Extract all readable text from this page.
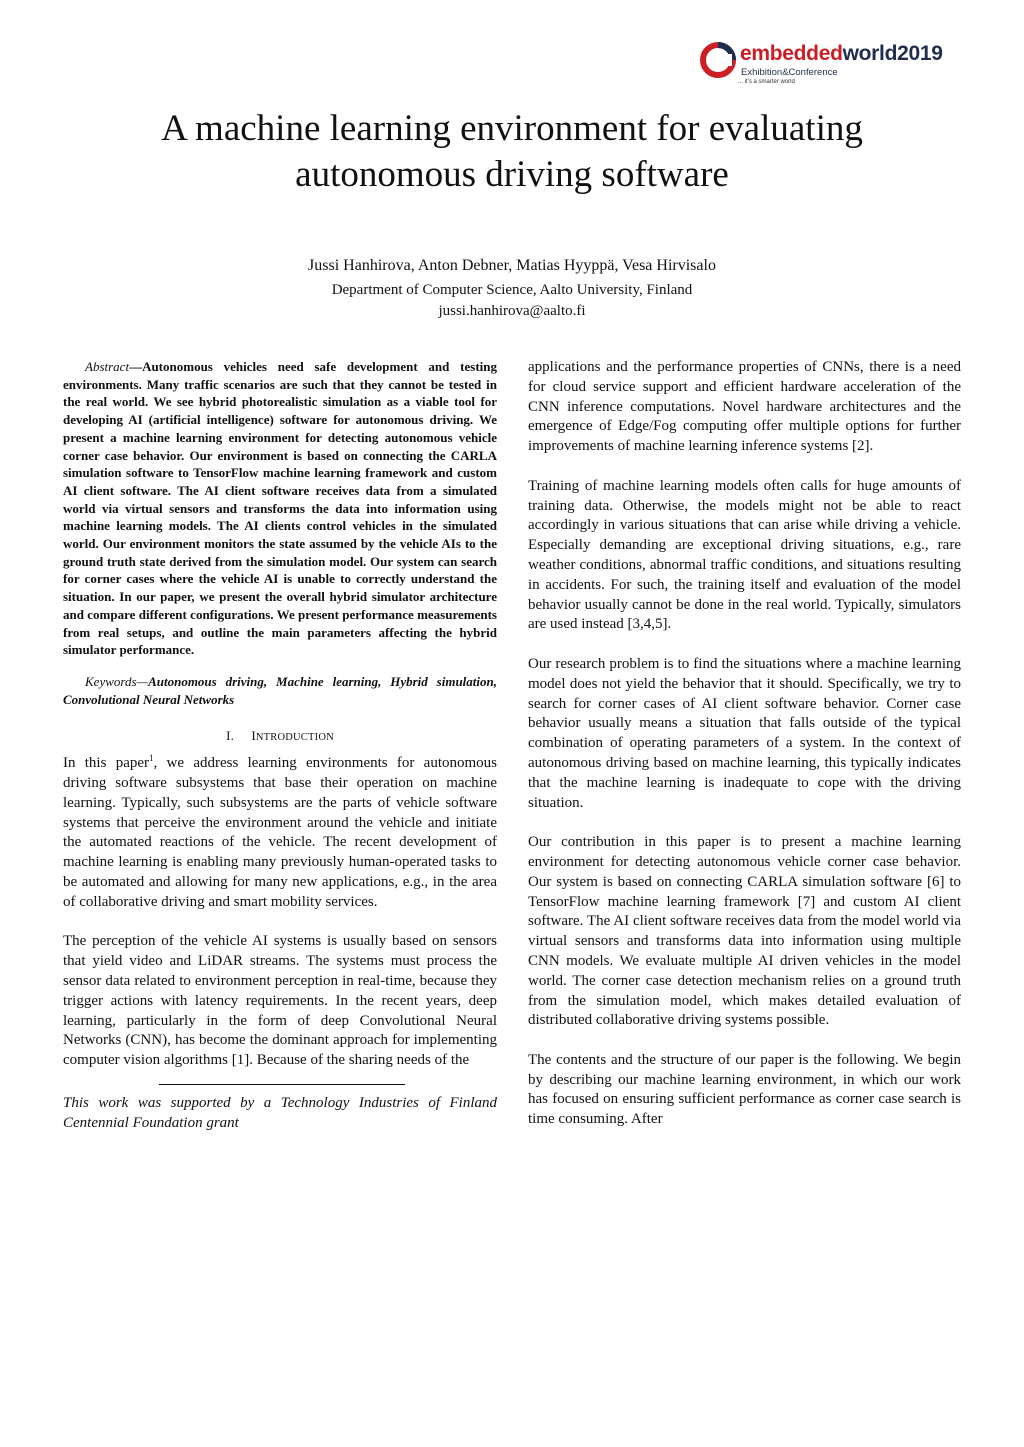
embeddedworld2019
Exhibition&Conference
... it's a smarter world
A machine learning environment for evaluating autonomous driving software
Jussi Hanhirova, Anton Debner, Matias Hyyppä, Vesa Hirvisalo
Department of Computer Science, Aalto University, Finland
jussi.hanhirova@aalto.fi

Abstract—Autonomous vehicles need safe development and testing environments. Many traffic scenarios are such that they cannot be tested in the real world. We see hybrid photorealistic simulation as a viable tool for developing AI (artificial intelligence) software for autonomous driving. We present a machine learning environment for detecting autonomous vehicle corner case behavior. Our environment is based on connecting the CARLA simulation software to TensorFlow machine learning framework and custom AI client software. The AI client software receives data from a simulated world via virtual sensors and transforms the data into information using machine learning models. The AI clients control vehicles in the simulated world. Our environment monitors the state assumed by the vehicle AIs to the ground truth state derived from the simulation model. Our system can search for corner cases where the vehicle AI is unable to correctly understand the situation. In our paper, we present the overall hybrid simulator architecture and compare different configurations. We present performance measurements from real setups, and outline the main parameters affecting the hybrid simulator performance.

Keywords—Autonomous driving, Machine learning, Hybrid simulation, Convolutional Neural Networks

I. INTRODUCTION

In this paper$^1$, we address learning environments for autonomous driving software subsystems that base their operation on machine learning. Typically, such subsystems are the parts of vehicle software systems that perceive the environment around the vehicle and initiate the automated reactions of the vehicle. The recent development of machine learning is enabling many previously human-operated tasks to be automated and allowing for many new applications, e.g., in the area of collaborative driving and smart mobility services.

The perception of the vehicle AI systems is usually based on sensors that yield video and LiDAR streams. The systems must process the sensor data related to environment perception in real-time, because they trigger actions with latency requirements. In the recent years, deep learning, particularly in the form of deep Convolutional Neural Networks (CNN), has become the dominant approach for implementing computer vision algorithms [1]. Because of the sharing needs of the

This work was supported by a Technology Industries of Finland Centennial Foundation grant

applications and the performance properties of CNNs, there is a need for cloud service support and efficient hardware acceleration of the CNN inference computations. Novel hardware architectures and the emergence of Edge/Fog computing offer multiple options for further improvements of machine learning inference systems [2].

Training of machine learning models often calls for huge amounts of training data. Otherwise, the models might not be able to react accordingly in various situations that can arise while driving a vehicle. Especially demanding are exceptional driving situations, e.g., rare weather conditions, abnormal traffic conditions, and situations resulting in accidents. For such, the training itself and evaluation of the model behavior usually cannot be done in the real world. Typically, simulators are used instead [3,4,5].

Our research problem is to find the situations where a machine learning model does not yield the behavior that it should. Specifically, we try to search for corner cases of AI client software behavior. Corner case behavior usually means a situation that falls outside of the typical combination of operating parameters of a system. In the context of autonomous driving based on machine learning, this typically indicates that the machine learning is inadequate to cope with the driving situation.

Our contribution in this paper is to present a machine learning environment for detecting autonomous vehicle corner case behavior. Our system is based on connecting CARLA simulation software [6] to TensorFlow machine learning framework [7] and custom AI client software. The AI client software receives data from the model world via virtual sensors and transforms data into information using multiple CNN models. We evaluate multiple AI driven vehicles in the model world. The corner case detection mechanism relies on a ground truth from the simulation model, which makes detailed evaluation of distributed collaborative driving systems possible.

The contents and the structure of our paper is the following. We begin by describing our machine learning environment, in which our work has focused on ensuring sufficient performance as corner case search is time consuming. After
